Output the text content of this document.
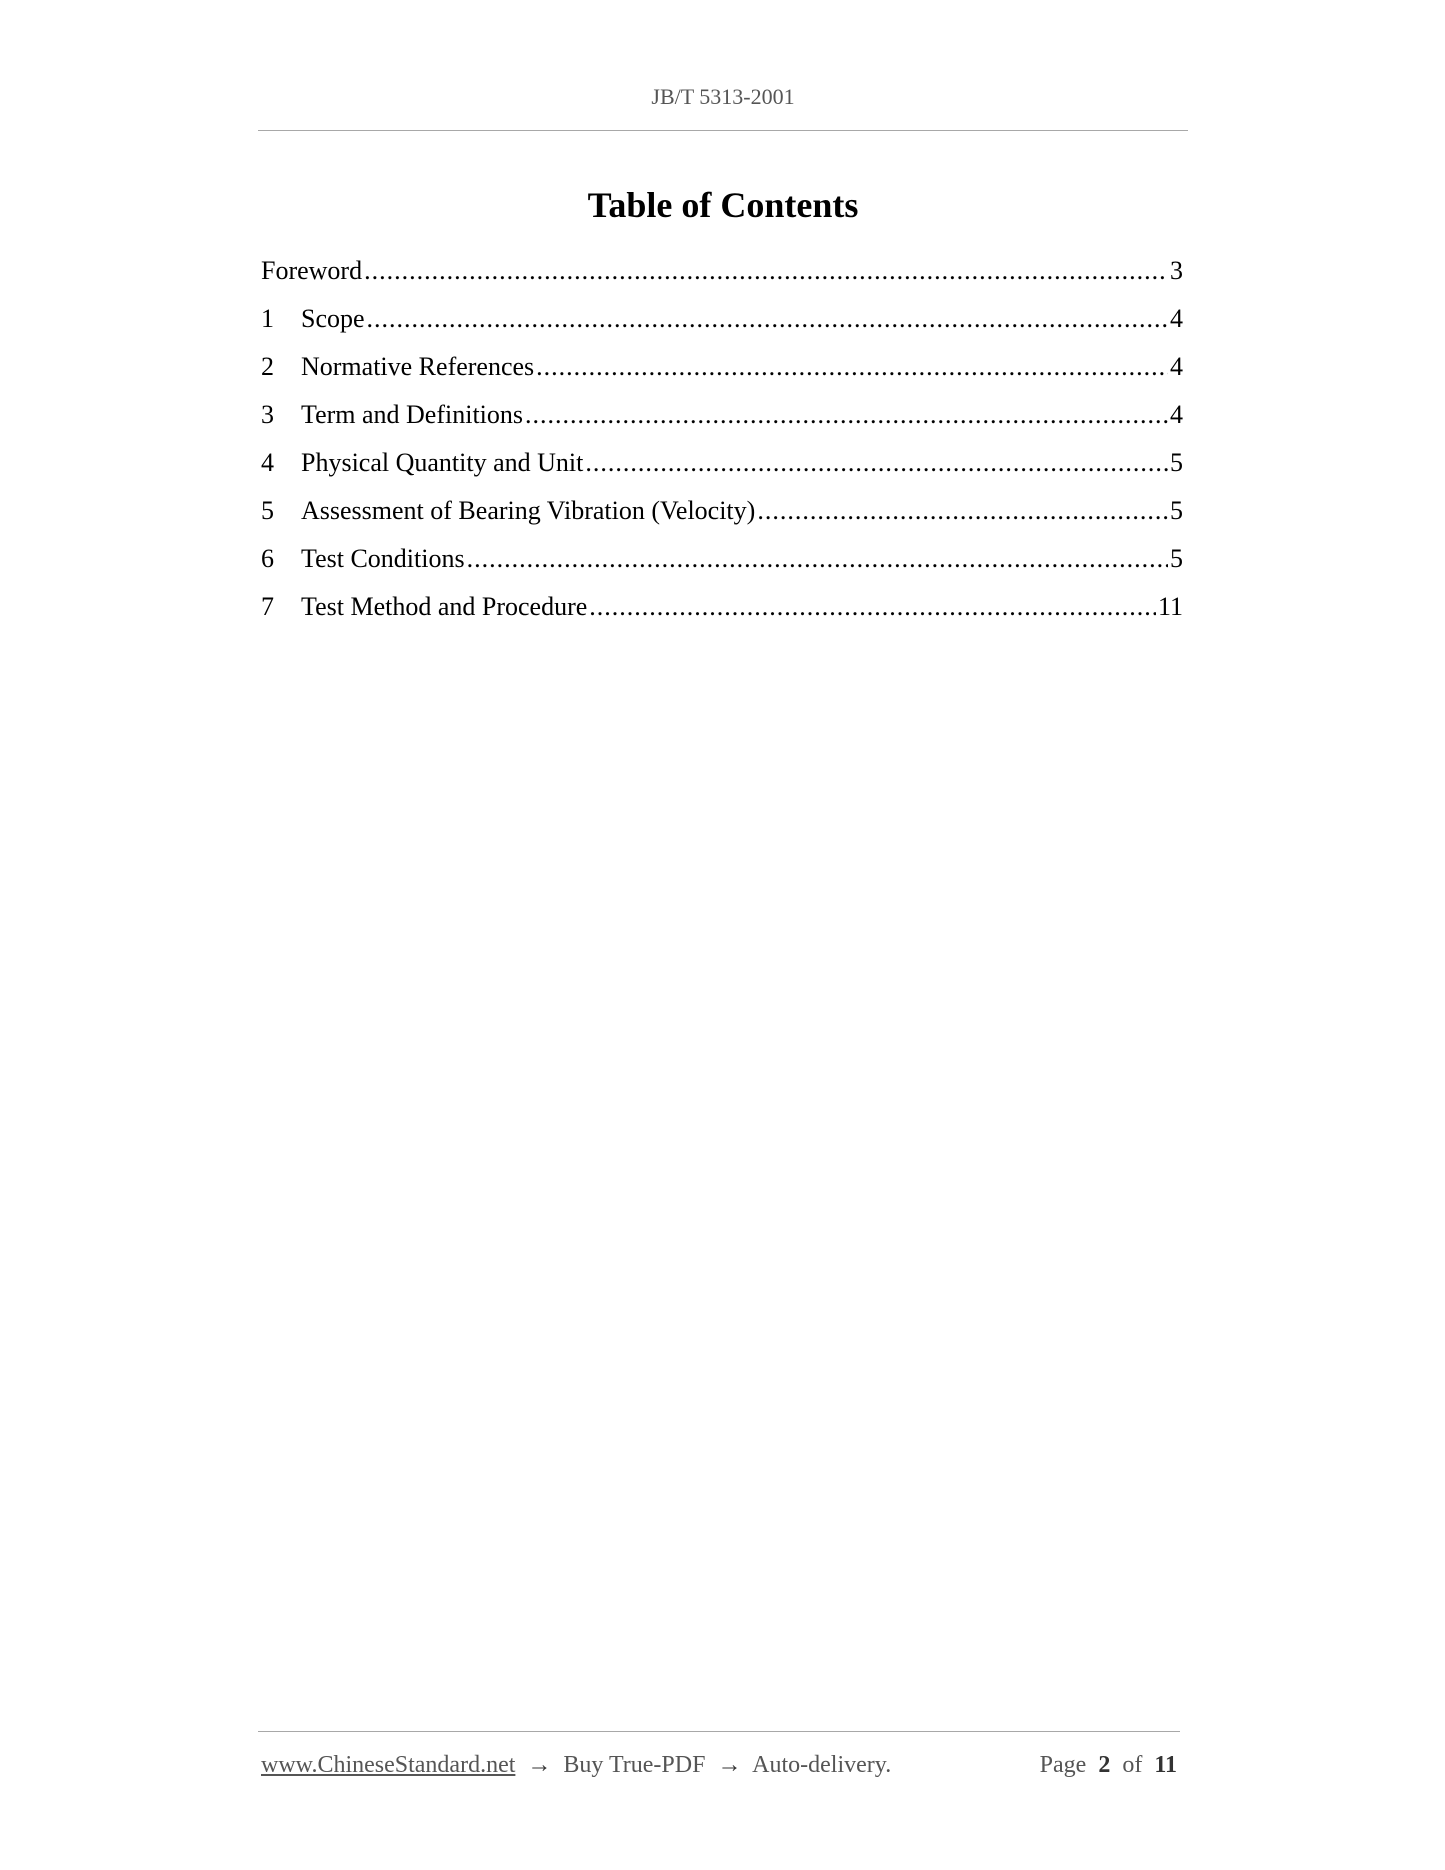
JB/T 5313-2001
Table of Contents
Foreword .....	3
1	Scope .....	4
2	Normative References .....	4
3	Term and Definitions .....	4
4	Physical Quantity and Unit .....	5
5	Assessment of Bearing Vibration (Velocity) .....	5
6	Test Conditions .....	5
7	Test Method and Procedure .....	11
www.ChineseStandard.net → Buy True-PDF → Auto-delivery.	Page 2 of 11
